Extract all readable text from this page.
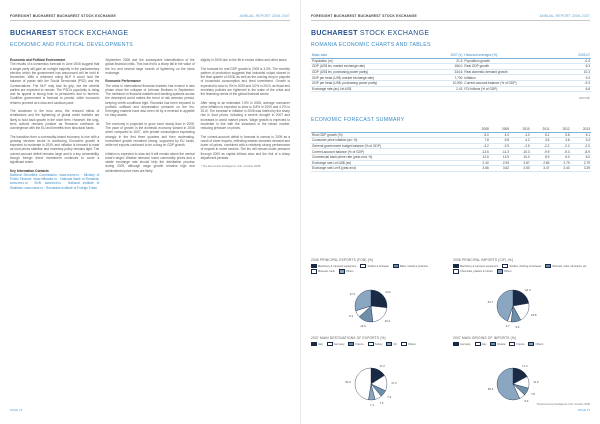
FORESIGHT BUCHAREST BUCHAREST STOCK EXCHANGE	ANNUAL REPORT 2006-2007
BUCHAREST STOCK EXCHANGE
ECONOMIC AND POLITICAL DEVELOPMENTS
Economic and Political Environment

The results of a consensus forecast in June 2006 suggest that a single party will gain an outright majority in the parliamentary election which the government has announced will be held in November. With a reformed ruling NLP it could hold the balance of power with the Social Democrats (PSD) and the Conservatives. The NLP may lose its grip, but the centrist parties are expected to remain. The PSD's popularity is rising and its appeal is strong both to pensioners and to farmers. Coalition government is forecast to persist, while economic reforms proceed at a slow and cautious pace.

The slowdown in the euro area, the reduced inflow of remittances and the tightening of global credit markets are likely to hold back growth in the short term. However, the long-term outlook remains positive as Romania continues its convergence with the EU and benefits from structural funds.

The transition from a commodity-based economy to one with a growing services sector is continuing. Economic growth is expected to moderate in 2009, and inflation is forecast to ease as food prices stabilise and monetary policy remains tight. The current-account deficit remains large and is a key vulnerability, though foreign direct investment continues to cover a significant share.

Key Information Contacts

National Securities Commission: www.cnvmr.ro · Ministry of Public Finance: www.mfinante.ro · National Bank of Romania: www.bnro.ro · BVB: www.bvb.ro · National Institute of Statistics: www.insse.ro · Romanian Institute of Foreign Trade

September 2008 and the subsequent intensification of the global financial crisis. This has led to a sharp fall in the value of the leu and several large rounds of tightening on the stock exchange.

Economic Performance

The crisis in international financial markets has evoked a new phase since the collapse of Lehman Brothers in September. The meltdown in financial markets and banking systems across the developed world makes the trend of risk aversion persist, keeping credit conditions tight. Romania has been exposed to portfolio outflows and depreciation pressure on the leu. Emerging markets have also been hit by a reversal in appetite for risky assets.

The economy is projected to grow more slowly than in 2008. The pace of growth in the domestic economy slowed in 2008 when compared to 2007, with private consumption expanding strongly in the first three quarters and then moderating. Investment growth remained strong, supported by EU funds, while net exports continued to be a drag on GDP growth.

Inflation is expected to slow but it will remain above the central bank's target. Weaker demand, lower commodity prices and a stable exchange rate should help the disinflation process during 2009, although wage growth remains high and administered price rises are likely.

slightly in 2009 due to the lift in excise duties and other taxes.

The forecast for real GDP growth in 2009 is 3.0%. The monthly pattern of production suggests that industrial output slowed in the final quarter of 2008, as well as the coming drop in payrolls of household consumption and fixed investment. Growth is expected to slow to 3% in 2009 and 4.0% in 2010, as fiscal and monetary policies are tightened in the wake of the crisis and the financing needs of the global financial sector.

After rising to an estimated 7.8% in 2008, average consumer price inflation is expected to slow to 5.8% in 2009 and 4.2% in 2010. The increase in inflation in 2008 was fuelled by the sharp rise in food prices, following a severe drought in 2007 and increases in world market prices. Wage growth is expected to moderate in line with the slowdown in the labour market, reducing pressure on prices.

The current-account deficit is forecast to narrow in 2009 as a result of lower imports, reflecting weaker domestic demand and lower oil prices, combined with a relatively strong performance of exports in some sectors. The leu will remain under pressure through 2009 as capital inflows slow and the risk of a sharp adjustment persists.

* The Economist Intelligence Unit, October 2008

PAGE 72
FORESIGHT BUCHAREST BUCHAREST STOCK EXCHANGE	ANNUAL REPORT 2006-2007
BUCHAREST STOCK EXCHANGE
ROMANIA ECONOMIC CHARTS AND TABLES
Basic data	2007 (e)	Historical averages (%)	2003-07
Population (m)	21.5	Population growth	-0.4
GDP (US$ bn; market exchange rate)	166.0	Real GDP growth	6.3
GDP (US$ bn; purchasing power parity)	234.6	Real domestic demand growth	10.3
GDP per head (US$; market exchange rate)	7,700	Inflation	9.3
GDP per head (US$; purchasing power parity)	10,900	Current-account balance (% of GDP)	-9.3
Exchange rate (av) Lei:US$	2.43	FDI inflows (% of GDP)	6.6
2007 IMF
ECONOMIC FORECAST SUMMARY
	2008	2009	2010	2011	2012	2013
Real GDP growth (%)	8.0	4.0	4.0	5.2	5.6	5.1
Consumer price inflation (av; %)	7.8	5.8	4.2	3.5	3.6	3.3
General government budget balance (% of GDP)	-3.2	-2.9	-2.5	-2.2	-2.2	-2.0
Current-account balance (% of GDP)	-13.6	-11.3	-10.3	-9.9	-9.3	-8.9
Commercial bank prime rate (year-end; %)	12.6	13.9	10.0	8.9	6.0	6.0
Exchange rate Lei:US$ (av)	2.40	2.93	2.87	2.83	2.79	2.79
Exchange rate Lei:€ (year-end)	3.66	3.62	3.50	3.47	3.43	3.39
2006 PRINCIPAL EXPORTS (FOB) (%)
Machinery & transport equipment	Textiles & footwear	Basic metals & products
Minerals, fuels	Others
24.2
19.4
13.6
6.3
27.0
2006 PRINCIPAL IMPORTS (CIF) (%)
Machinery & transport equipment	Textiles, clothing & footwear	Minerals, fuels, lubricants, etc
Chemicals, plastics & rubber	Others
22.4
19.8
9.9
3.7
44.7
2007 MAIN DESTINATIONS OF EXPORTS (%)
Italy	Germany	France	Turkey	UK	Others
17.2
17.2
7.4
7.6
7.1
51.0
2007 MAIN ORIGINS OF IMPORTS (%)
Germany	Italy	Russia	France	Others
17.2
11.9
7.8
6.0
56.6
The Economist Intelligence Unit, October 2008
PAGE 73
